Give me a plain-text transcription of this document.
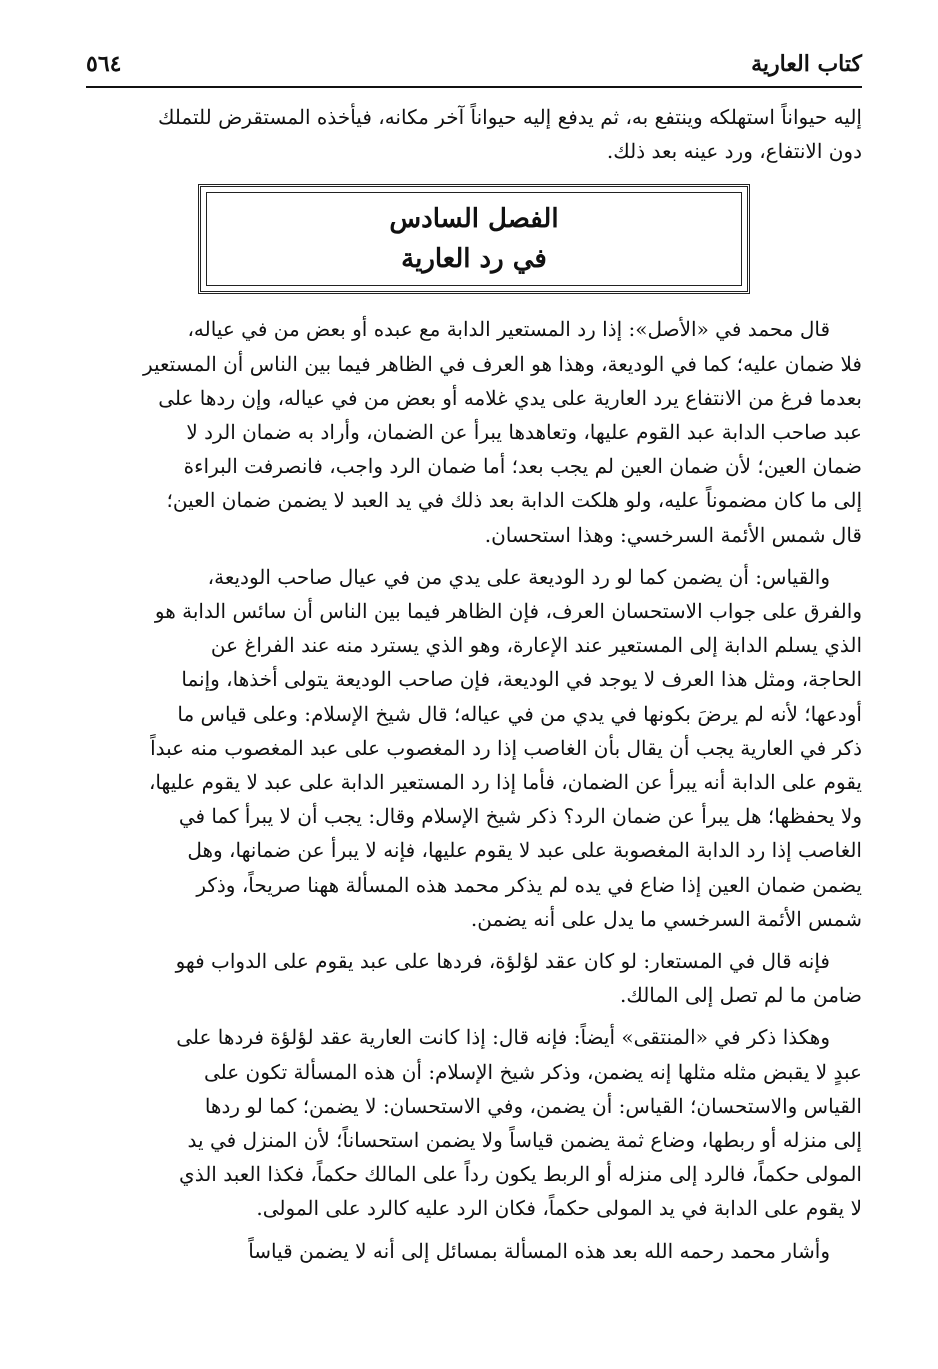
٥٦٤	كتاب العارية

إليه حيواناً استهلكه وينتفع به، ثم يدفع إليه حيواناً آخر مكانه، فيأخذه المستقرض للتملك

دون الانتفاع، ورد عينه بعد ذلك.

الفصل السادس
في رد العارية

قال محمد في «الأصل»: إذا رد المستعير الدابة مع عبده أو بعض من في عياله،

فلا ضمان عليه؛ كما في الوديعة، وهذا هو العرف في الظاهر فيما بين الناس أن المستعير

بعدما فرغ من الانتفاع يرد العارية على يدي غلامه أو بعض من في عياله، وإن ردها على

عبد صاحب الدابة عبد القوم عليها، وتعاهدها يبرأ عن الضمان، وأراد به ضمان الرد لا

ضمان العين؛ لأن ضمان العين لم يجب بعد؛ أما ضمان الرد واجب، فانصرفت البراءة

إلى ما كان مضموناً عليه، ولو هلكت الدابة بعد ذلك في يد العبد لا يضمن ضمان العين؛

قال شمس الأئمة السرخسي: وهذا استحسان.

والقياس: أن يضمن كما لو رد الوديعة على يدي من في عيال صاحب الوديعة،

والفرق على جواب الاستحسان العرف، فإن الظاهر فيما بين الناس أن سائس الدابة هو

الذي يسلم الدابة إلى المستعير عند الإعارة، وهو الذي يسترد منه عند الفراغ عن

الحاجة، ومثل هذا العرف لا يوجد في الوديعة، فإن صاحب الوديعة يتولى أخذها، وإنما

أودعها؛ لأنه لم يرضَ بكونها في يدي من في عياله؛ قال شيخ الإسلام: وعلى قياس ما

ذكر في العارية يجب أن يقال بأن الغاصب إذا رد المغصوب على عبد المغصوب منه عبداً

يقوم على الدابة أنه يبرأ عن الضمان، فأما إذا رد المستعير الدابة على عبد لا يقوم عليها،

ولا يحفظها؛ هل يبرأ عن ضمان الرد؟ ذكر شيخ الإسلام وقال: يجب أن لا يبرأ كما في

الغاصب إذا رد الدابة المغصوبة على عبد لا يقوم عليها، فإنه لا يبرأ عن ضمانها، وهل

يضمن ضمان العين إذا ضاع في يده لم يذكر محمد هذه المسألة ههنا صريحاً، وذكر

شمس الأئمة السرخسي ما يدل على أنه يضمن.

فإنه قال في المستعار: لو كان عقد لؤلؤة، فردها على عبد يقوم على الدواب فهو

ضامن ما لم تصل إلى المالك.

وهكذا ذكر في «المنتقى» أيضاً: فإنه قال: إذا كانت العارية عقد لؤلؤة فردها على

عبدٍ لا يقبض مثله مثلها إنه يضمن، وذكر شيخ الإسلام: أن هذه المسألة تكون على

القياس والاستحسان؛ القياس: أن يضمن، وفي الاستحسان: لا يضمن؛ كما لو ردها

إلى منزله أو ربطها، وضاع ثمة يضمن قياساً ولا يضمن استحساناً؛ لأن المنزل في يد

المولى حكماً، فالرد إلى منزله أو الربط يكون رداً على المالك حكماً، فكذا العبد الذي

لا يقوم على الدابة في يد المولى حكماً، فكان الرد عليه كالرد على المولى.

وأشار محمد رحمه الله بعد هذه المسألة بمسائل إلى أنه لا يضمن قياساً
